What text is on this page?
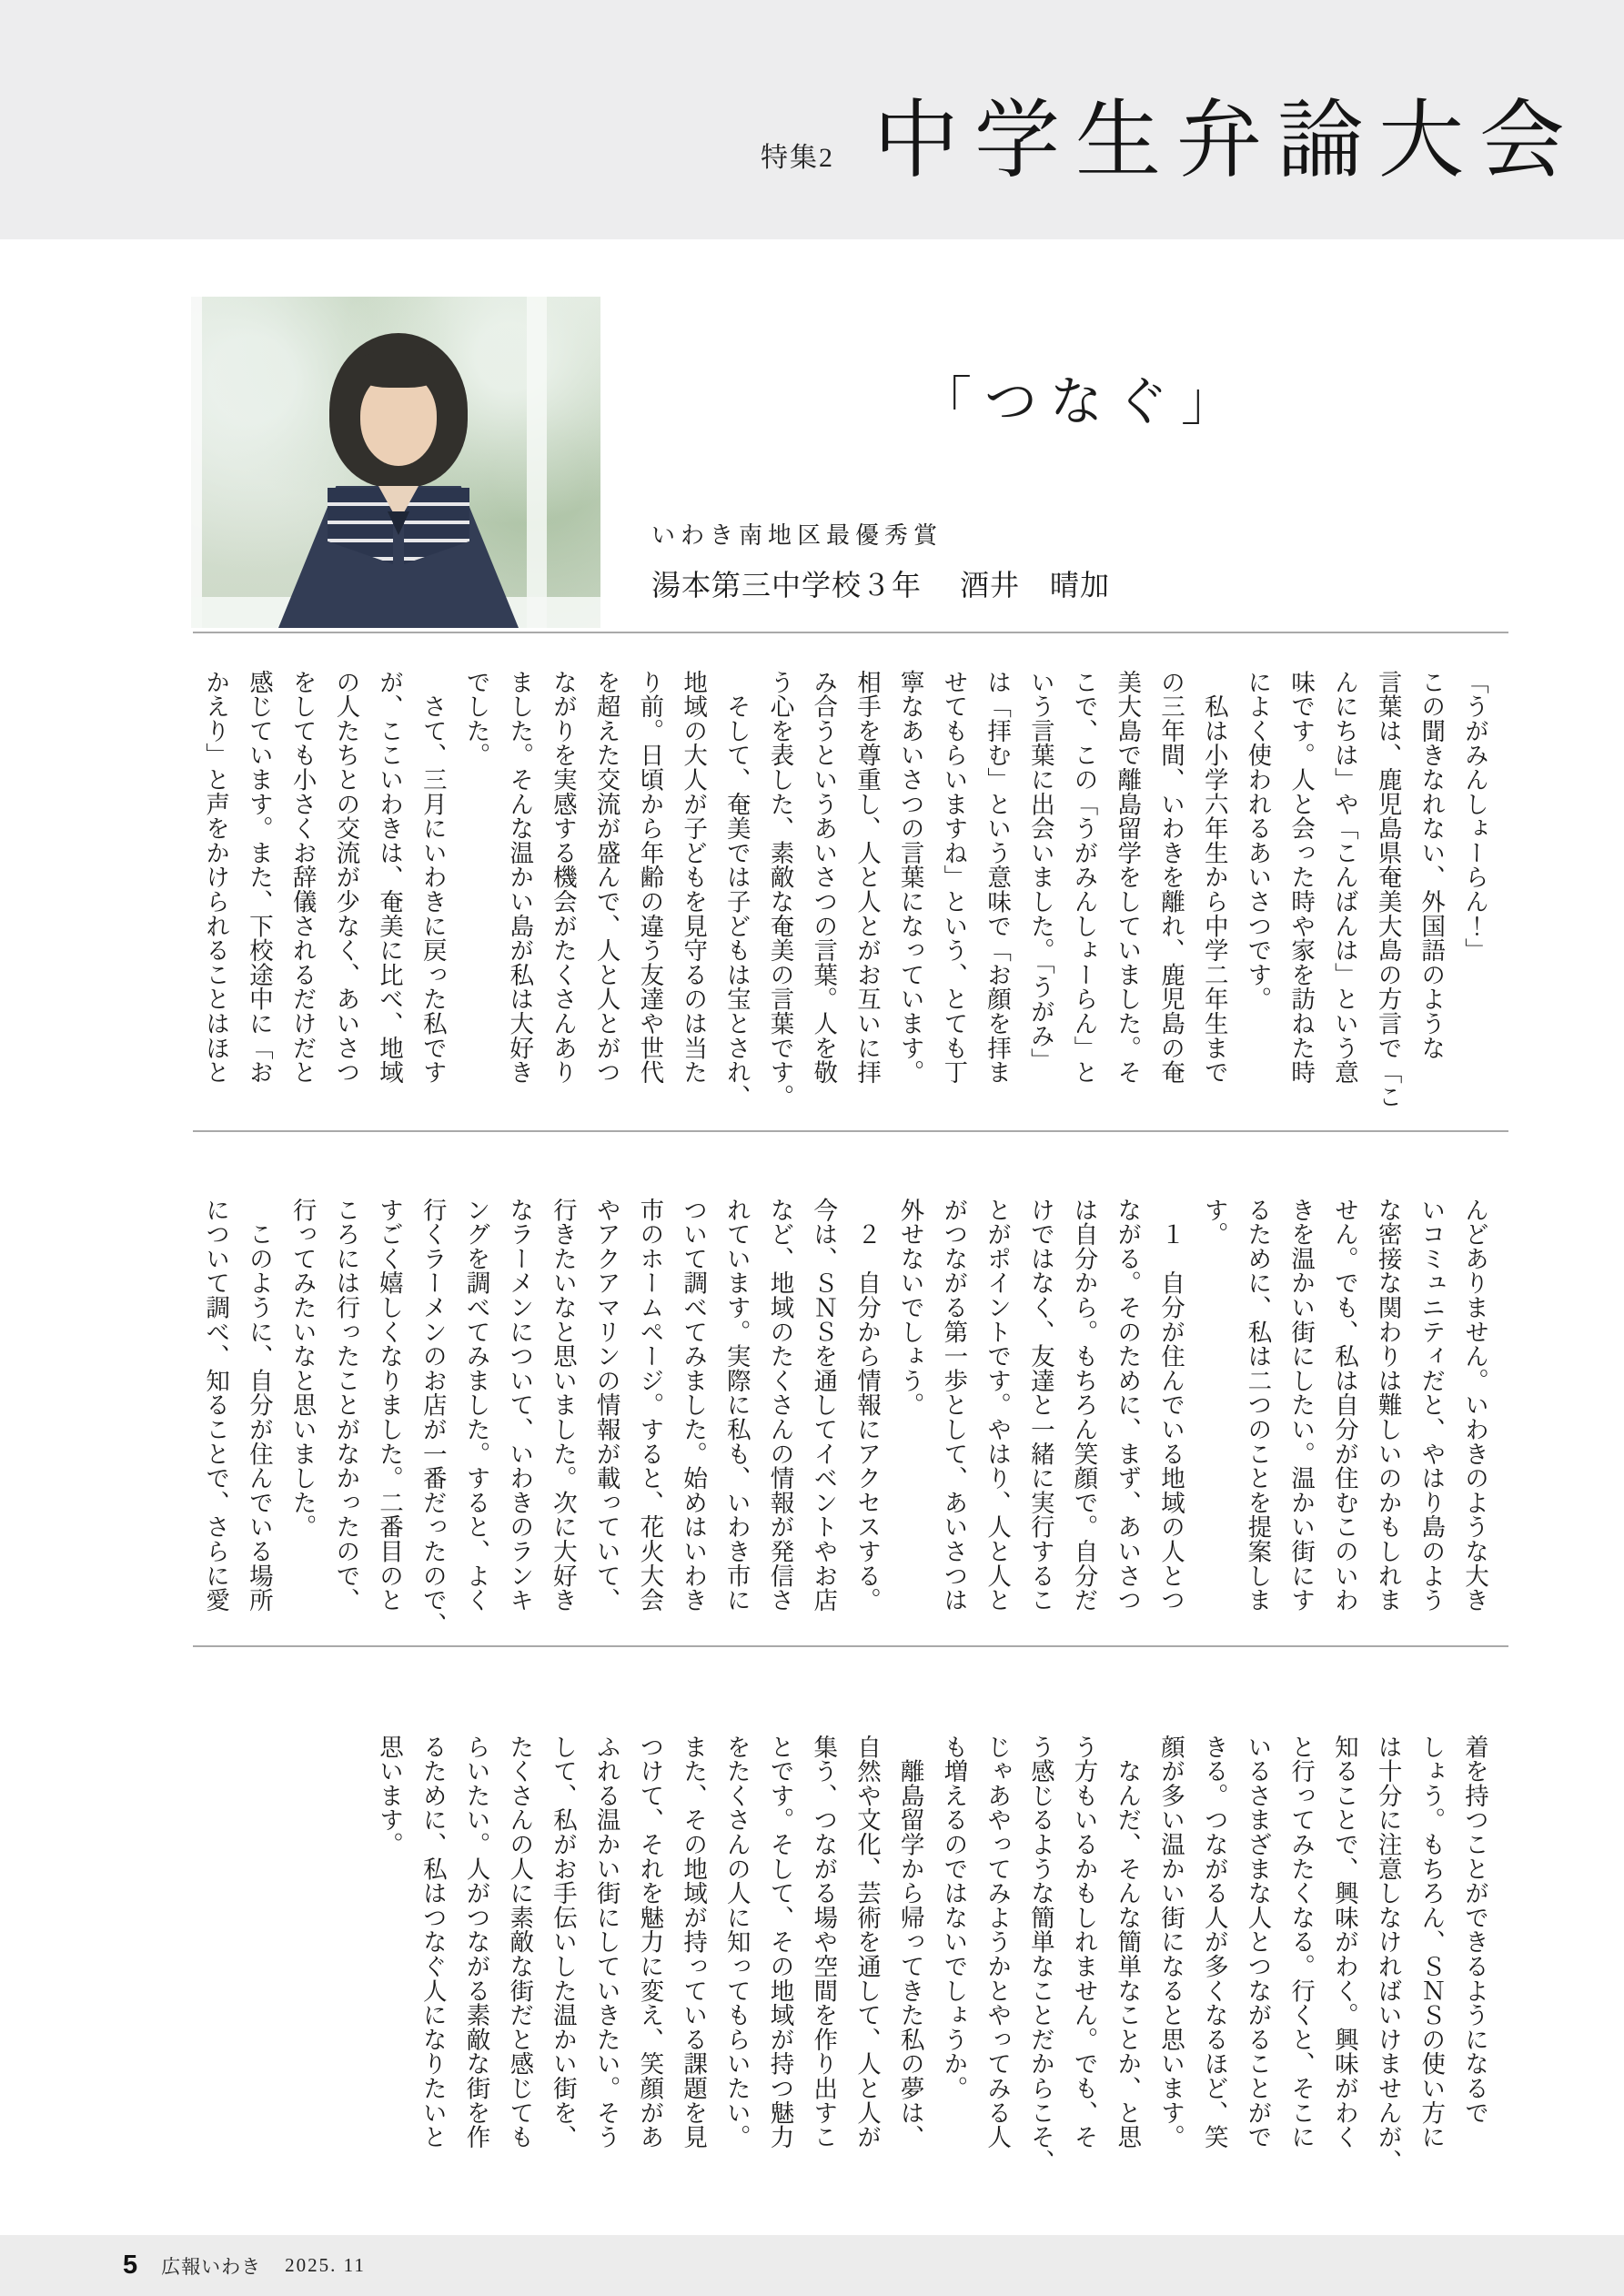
特集2 中学生弁論大会
「つなぐ」
いわき南地区最優秀賞
湯本第三中学校３年 酒井　晴加
「うがみんしょーらん！」
この聞きなれない、外国語のような
言葉は、鹿児島県奄美大島の方言で「こ
んにちは」や「こんばんは」という意
味です。人と会った時や家を訪ねた時
によく使われるあいさつです。
　私は小学六年生から中学二年生まで
の三年間、いわきを離れ、鹿児島の奄
美大島で離島留学をしていました。そ
こで、この「うがみんしょーらん」と
いう言葉に出会いました。「うがみ」
は「拝む」という意味で「お顔を拝ま
せてもらいますね」という、とても丁
寧なあいさつの言葉になっています。
相手を尊重し、人と人とがお互いに拝
み合うというあいさつの言葉。人を敬
う心を表した、素敵な奄美の言葉です。
　そして、奄美では子どもは宝とされ、
地域の大人が子どもを見守るのは当た
り前。日頃から年齢の違う友達や世代
を超えた交流が盛んで、人と人とがつ
ながりを実感する機会がたくさんあり
ました。そんな温かい島が私は大好き
でした。
　さて、三月にいわきに戻った私です
が、ここいわきは、奄美に比べ、地域
の人たちとの交流が少なく、あいさつ
をしても小さくお辞儀されるだけだと
感じています。また、下校途中に「お
かえり」と声をかけられることはほと
んどありません。いわきのような大き
いコミュニティだと、やはり島のよう
な密接な関わりは難しいのかもしれま
せん。でも、私は自分が住むこのいわ
きを温かい街にしたい。温かい街にす
るために、私は二つのことを提案しま
す。
　１　自分が住んでいる地域の人とつ
ながる。そのために、まず、あいさつ
は自分から。もちろん笑顔で。自分だ
けではなく、友達と一緒に実行するこ
とがポイントです。やはり、人と人と
がつながる第一歩として、あいさつは
外せないでしょう。
　２　自分から情報にアクセスする。
今は、ＳＮＳを通してイベントやお店
など、地域のたくさんの情報が発信さ
れています。実際に私も、いわき市に
ついて調べてみました。始めはいわき
市のホームページ。すると、花火大会
やアクアマリンの情報が載っていて、
行きたいなと思いました。次に大好き
なラーメンについて、いわきのランキ
ングを調べてみました。すると、よく
行くラーメンのお店が一番だったので、
すごく嬉しくなりました。二番目のと
ころには行ったことがなかったので、
行ってみたいなと思いました。
　このように、自分が住んでいる場所
について調べ、知ることで、さらに愛
着を持つことができるようになるで
しょう。もちろん、ＳＮＳの使い方に
は十分に注意しなければいけませんが、
知ることで、興味がわく。興味がわく
と行ってみたくなる。行くと、そこに
いるさまざまな人とつながることがで
きる。つながる人が多くなるほど、笑
顔が多い温かい街になると思います。
　なんだ、そんな簡単なことか、と思
う方もいるかもしれません。でも、そ
う感じるような簡単なことだからこそ、
じゃあやってみようかとやってみる人
も増えるのではないでしょうか。
　離島留学から帰ってきた私の夢は、
自然や文化、芸術を通して、人と人が
集う、つながる場や空間を作り出すこ
とです。そして、その地域が持つ魅力
をたくさんの人に知ってもらいたい。
また、その地域が持っている課題を見
つけて、それを魅力に変え、笑顔があ
ふれる温かい街にしていきたい。そう
して、私がお手伝いした温かい街を、
たくさんの人に素敵な街だと感じても
らいたい。人がつながる素敵な街を作
るために、私はつなぐ人になりたいと
思います。
5 広報いわき 2025. 11
